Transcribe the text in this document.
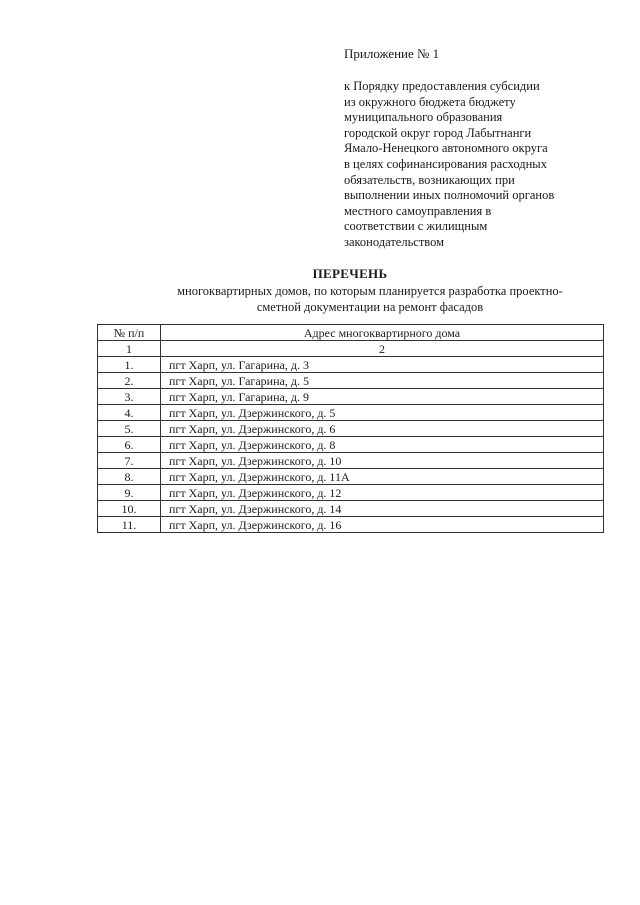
Приложение № 1
к Порядку предоставления субсидии
из окружного бюджета бюджету
муниципального образования
городской округ город Лабытнанги
Ямало-Ненецкого автономного округа
в целях софинансирования расходных
обязательств, возникающих при
выполнении иных полномочий органов
местного самоуправления в
соответствии с жилищным
законодательством
ПЕРЕЧЕНЬ
многоквартирных домов, по которым планируется разработка проектно-
сметной документации на ремонт фасадов
№ п/п	Адрес многоквартирного дома
1	2
1.	пгт Харп, ул. Гагарина, д. 3
2.	пгт Харп, ул. Гагарина, д. 5
3.	пгт Харп, ул. Гагарина, д. 9
4.	пгт Харп, ул. Дзержинского, д. 5
5.	пгт Харп, ул. Дзержинского, д. 6
6.	пгт Харп, ул. Дзержинского, д. 8
7.	пгт Харп, ул. Дзержинского, д. 10
8.	пгт Харп, ул. Дзержинского, д. 11А
9.	пгт Харп, ул. Дзержинского, д. 12
10.	пгт Харп, ул. Дзержинского, д. 14
11.	пгт Харп, ул. Дзержинского, д. 16
